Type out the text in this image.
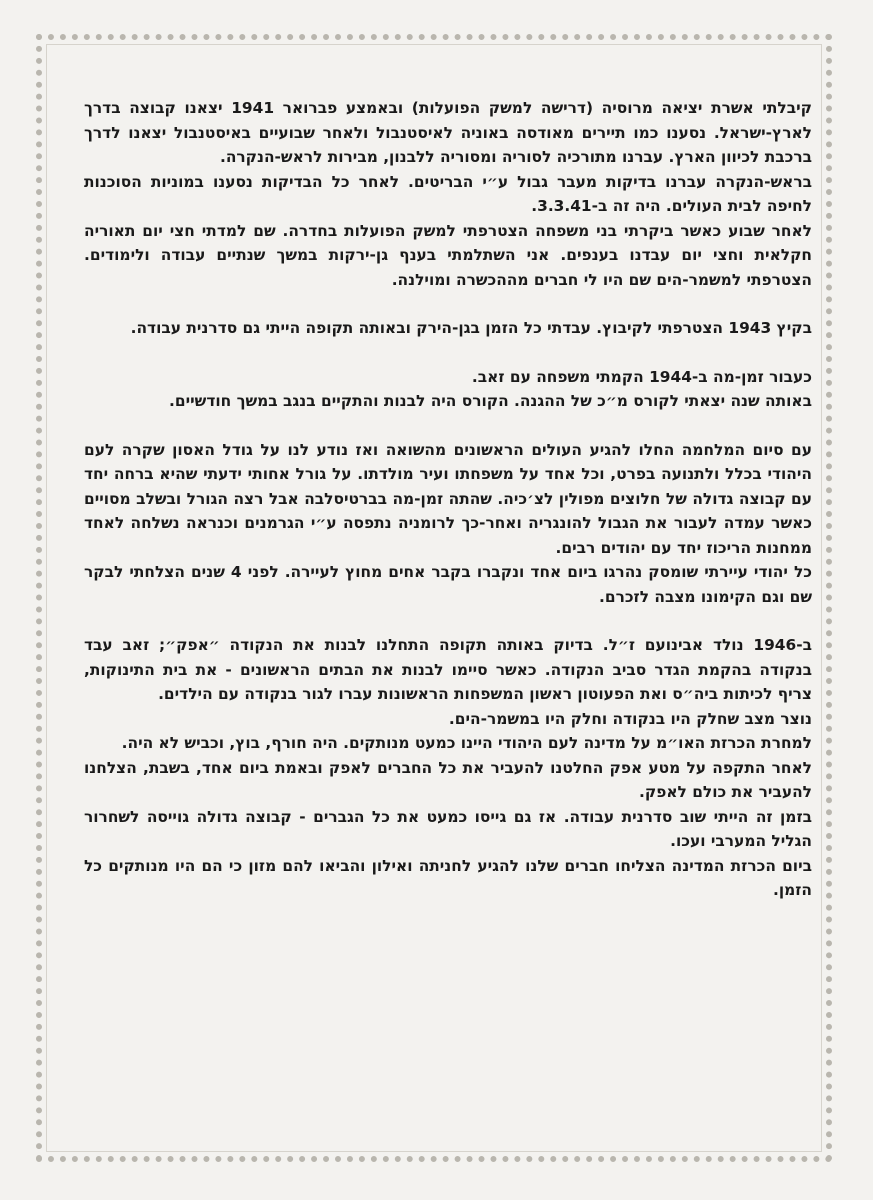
קיבלתי אשרת יציאה מרוסיה (דרישה למשק הפועלות) ובאמצע פברואר 1941 יצאנו קבוצה בדרך לארץ-ישראל. נסענו כמו תיירים מאודסה באוניה לאיסטנבול ולאחר שבועיים באיסטנבול יצאנו לדרך ברכבת לכיוון הארץ. עברנו מתורכיה לסוריה ומסוריה ללבנון, מבירות לראש-הנקרה.

בראש-הנקרה עברנו בדיקות מעבר גבול ע״י הבריטים. לאחר כל הבדיקות נסענו במוניות הסוכנות לחיפה לבית העולים. היה זה ב-3.3.41.

לאחר שבוע כאשר ביקרתי בני משפחה הצטרפתי למשק הפועלות בחדרה. שם למדתי חצי יום תאוריה חקלאית וחצי יום עבדנו בענפים. אני השתלמתי בענף גן-ירקות במשך שנתיים עבודה ולימודים. הצטרפתי למשמר-הים שם היו לי חברים מההכשרה ומוילנה.

בקיץ 1943 הצטרפתי לקיבוץ. עבדתי כל הזמן בגן-הירק ובאותה תקופה הייתי גם סדרנית עבודה.

כעבור זמן-מה ב-1944 הקמתי משפחה עם זאב.

באותה שנה יצאתי לקורס מ״כ של ההגנה. הקורס היה לבנות והתקיים בנגב במשך חודשיים.

עם סיום המלחמה החלו להגיע העולים הראשונים מהשואה ואז נודע לנו על גודל האסון שקרה לעם היהודי בכלל ולתנועה בפרט, וכל אחד על משפחתו ועיר מולדתו. על גורל אחותי ידעתי שהיא ברחה יחד עם קבוצה גדולה של חלוצים מפולין לצ׳כיה. שהתה זמן-מה בברטיסלבה אבל רצה הגורל ובשלב מסויים כאשר עמדה לעבור את הגבול להונגריה ואחר-כך לרומניה נתפסה ע״י הגרמנים וכנראה נשלחה לאחד ממחנות הריכוז יחד עם יהודים רבים.

כל יהודי עיירתי שומסק נהרגו ביום אחד ונקברו בקבר אחים מחוץ לעיירה. לפני 4 שנים הצלחתי לבקר שם וגם הקימונו מצבה לזכרם.

ב-1946 נולד אבינועם ז״ל. בדיוק באותה תקופה התחלנו לבנות את הנקודה ״אפק״; זאב עבד בנקודה בהקמת הגדר סביב הנקודה. כאשר סיימו לבנות את הבתים הראשונים - את בית התינוקות, צריף לכיתות ביה״ס ואת הפעוטון ראשון המשפחות הראשונות עברו לגור בנקודה עם הילדים.

נוצר מצב שחלק היו בנקודה וחלק היו במשמר-הים.

למחרת הכרזת האו״מ על מדינה לעם היהודי היינו כמעט מנותקים. היה חורף, בוץ, וכביש לא היה.

לאחר התקפה על מטע אפק החלטנו להעביר את כל החברים לאפק ובאמת ביום אחד, בשבת, הצלחנו להעביר את כולם לאפק.

בזמן זה הייתי שוב סדרנית עבודה. אז גם גייסו כמעט את כל הגברים - קבוצה גדולה גוייסה לשחרור הגליל המערבי ועכו.

ביום הכרזת המדינה הצליחו חברים שלנו להגיע לחניתה ואילון והביאו להם מזון כי הם היו מנותקים כל הזמן.
